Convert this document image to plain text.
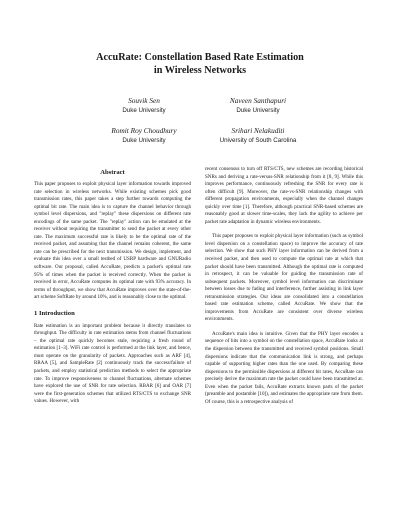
AccuRate: Constellation Based Rate Estimation
in Wireless Networks
Souvik Sen
Duke University
Naveen Santhapuri
Duke University
Romit Roy Choudhury
Duke University
Srihari Nelakuditi
University of South Carolina
Abstract

This paper proposes to exploit physical layer information towards improved rate selection in wireless networks. While existing schemes pick good transmission rates, this paper takes a step further towards computing the optimal bit rate. The main idea is to capture the channel behavior through symbol level dispersions, and "replay" these dispersions on different rate encodings of the same packet. The "replay" action can be emulated at the receiver without requiring the transmitter to send the packet at every other rate. The maximum successful rate is likely to be the optimal rate of the received packet, and assuming that the channel remains coherent, the same rate can be prescribed for the next transmission. We design, implement, and evaluate this idea over a small testbed of USRP hardware and GNURadio software. Our proposal, called AccuRate, predicts a packet's optimal rate 95% of times when the packet is received correctly. When the packet is received in error, AccuRate computes its optimal rate with 93% accuracy. In terms of throughput, we show that AccuRate improves over the state-of-the-art scheme SoftRate by around 10%, and is reasonably close to the optimal.

1 Introduction

Rate estimation is an important problem because it directly translates to throughput. The difficulty in rate estimation stems from channel fluctuations – the optimal rate quickly becomes stale, requiring a fresh round of estimation [1–3]. WiFi rate control is performed at the link layer, and hence, must operate on the granularity of packets. Approaches such as ARF [4], RRAA [5], and SampleRate [2] continuously track the success/failure of packets, and employ statistical prediction methods to select the appropriate rate. To improve responsiveness to channel fluctuations, alternate schemes have explored the use of SNR for rate selection. RBAR [6] and OAR [7] were the first-generation schemes that utilized RTS/CTS to exchange SNR values. However, with

recent consensus to turn off RTS/CTS, new schemes are recording historical SNRs and deriving a rate-versus-SNR relationship from it [8, 9]. While this improves performance, continuously refreshing the SNR for every rate is often difficult [9]. Moreover, the rate-vs-SNR relationship changes with different propagation environments, especially when the channel changes quickly over time [1]. Therefore, although practical SNR-based schemes are reasonably good at slower time-scales, they lack the agility to achieve per packet rate adaptation in dynamic wireless environments.

This paper proposes to exploit physical layer information (such as symbol level dispersion on a constellation space) to improve the accuracy of rate selection. We show that such PHY layer information can be derived from a received packet, and then used to compute the optimal rate at which that packet should have been transmitted. Although the optimal rate is computed in retrospect, it can be valuable for guiding the transmission rate of subsequent packets. Moreover, symbol level information can discriminate between losses due to fading and interference, further assisting in link layer retransmission strategies. Our ideas are consolidated into a constellation based rate estimation scheme, called AccuRate. We show that the improvements from AccuRate are consistent over diverse wireless environments.

AccuRate's main idea is intuitive. Given that the PHY layer encodes a sequence of bits into a symbol on the constellation space, AccuRate looks at the dispersion between the transmitted and received symbol positions. Small dispersions indicate that the communication link is strong, and perhaps capable of supporting higher rates than the one used. By comparing these dispersions to the permissible dispersions at different bit rates, AccuRate can precisely derive the maximum rate the packet could have been transmitted at. Even when the packet fails, AccuRate extracts known parts of the packet (preamble and postamble [10]), and estimates the appropriate rate from them. Of course, this is a retrospective analysis of
